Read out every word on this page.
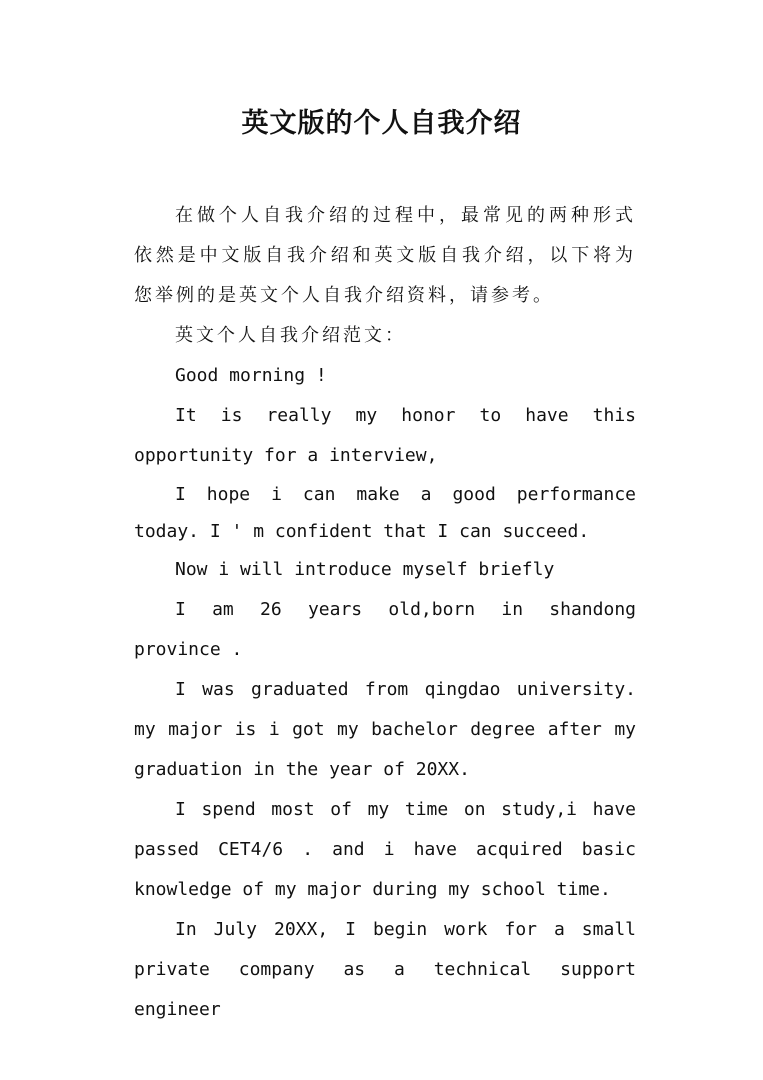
英文版的个人自我介绍

在做个人自我介绍的过程中，最常见的两种形式依然是中文版自我介绍和英文版自我介绍，以下将为您举例的是英文个人自我介绍资料，请参考。

英文个人自我介绍范文：

Good morning !

It is really my honor to have this opportunity for a interview,

I hope i can make a good performance today. I ' m confident that I can succeed.

Now i will introduce myself briefly

I am 26 years old,born in shandong province .

I was graduated from qingdao university. my major is i got my bachelor degree after my graduation in the year of 20XX.

I spend most of my time on study,i have passed CET4/6 . and i have acquired basic knowledge of my major during my school time.

In July 20XX, I begin work for a small private company as a technical support engineer
